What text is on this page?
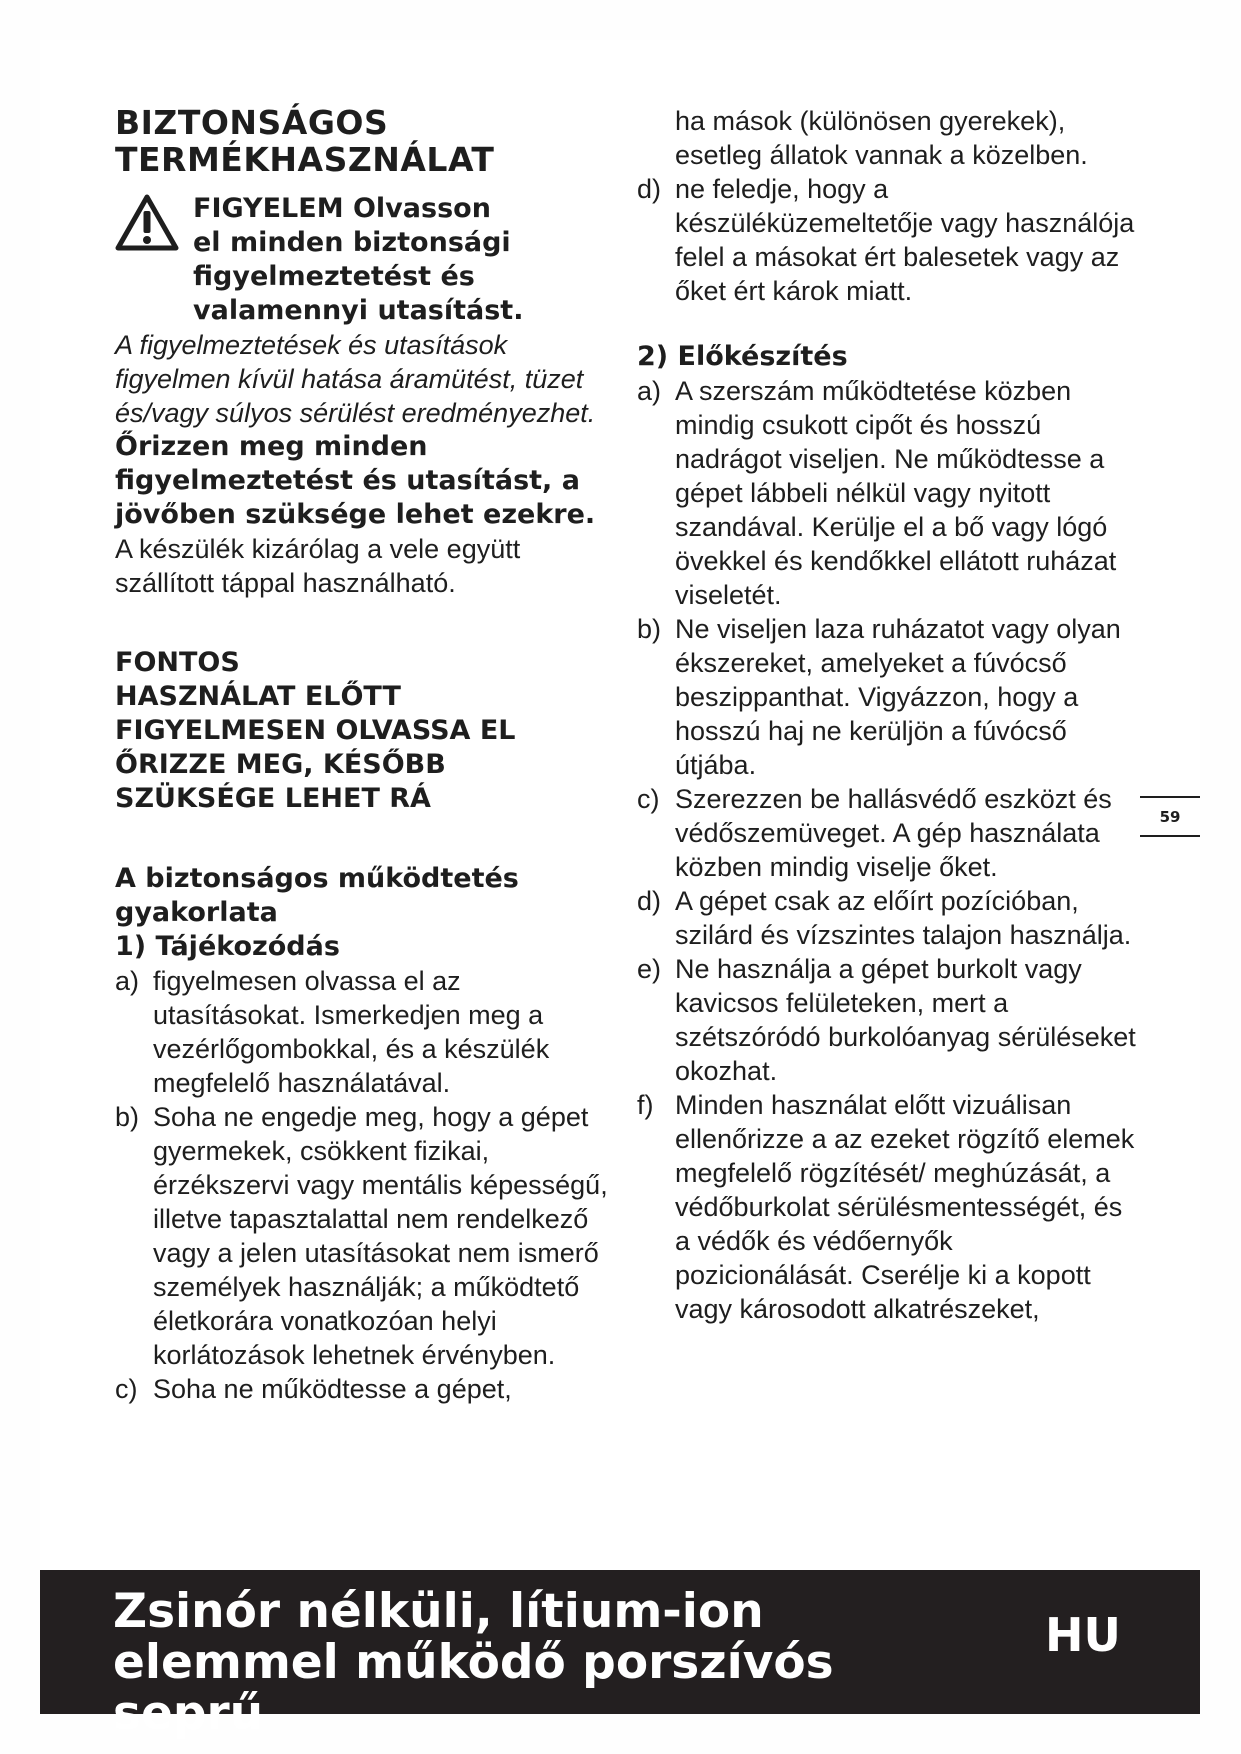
BIZTONSÁGOS TERMÉKHASZNÁLAT

FIGYELEM Olvasson

el minden biztonsági figyelmeztetést és valamennyi utasítást.

A figyelmeztetések és utasítások figyelmen kívül hatása áramütést, tüzet és/vagy súlyos sérülést eredményezhet.

Őrizzen meg minden figyelmeztetést és utasítást, a jövőben szüksége lehet ezekre.

A készülék kizárólag a vele együtt szállított táppal használható.

FONTOS

HASZNÁLAT ELŐTT FIGYELMESEN OLVASSA EL ŐRIZZE MEG, KÉSŐBB SZÜKSÉGE LEHET RÁ

A biztonságos működtetés gyakorlata

1) Tájékozódás

a) figyelmesen olvassa el az utasításokat. Ismerkedjen meg a vezérlőgombokkal, és a készülék megfelelő használatával.
b) Soha ne engedje meg, hogy a gépet gyermekek, csökkent fizikai, érzékszervi vagy mentális képességű, illetve tapasztalattal nem rendelkező vagy a jelen utasításokat nem ismerő személyek használják; a működtető életkorára vonatkozóan helyi korlátozások lehetnek érvényben.
c) Soha ne működtesse a gépet,
ha mások (különösen gyerekek), esetleg állatok vannak a közelben.
d) ne feledje, hogy a készüléküzemeltetője vagy használója felel a másokat ért balesetek vagy az őket ért károk miatt.

2) Előkészítés

a) A szerszám működtetése közben mindig csukott cipőt és hosszú nadrágot viseljen. Ne működtesse a gépet lábbeli nélkül vagy nyitott szandával. Kerülje el a bő vagy lógó övekkel és kendőkkel ellátott ruházat viseletét.
b) Ne viseljen laza ruházatot vagy olyan ékszereket, amelyeket a fúvócső beszippanthat. Vigyázzon, hogy a hosszú haj ne kerüljön a fúvócső útjába.
c) Szerezzen be hallásvédő eszközt és védőszemüveget. A gép használata közben mindig viselje őket.
d) A gépet csak az előírt pozícióban, szilárd és vízszintes talajon használja.
e) Ne használja a gépet burkolt vagy kavicsos felületeken, mert a szétszóródó burkolóanyag sérüléseket okozhat.
f) Minden használat előtt vizuálisan ellenőrizze a az ezeket rögzítő elemek megfelelő rögzítését/ meghúzását, a védőburkolat sérülésmentességét, és a védők és védőernyők pozicionálását. Cserélje ki a kopott vagy károsodott alkatrészeket,
59
Zsinór nélküli, lítium-ion elemmel működő porszívós seprű
HU
